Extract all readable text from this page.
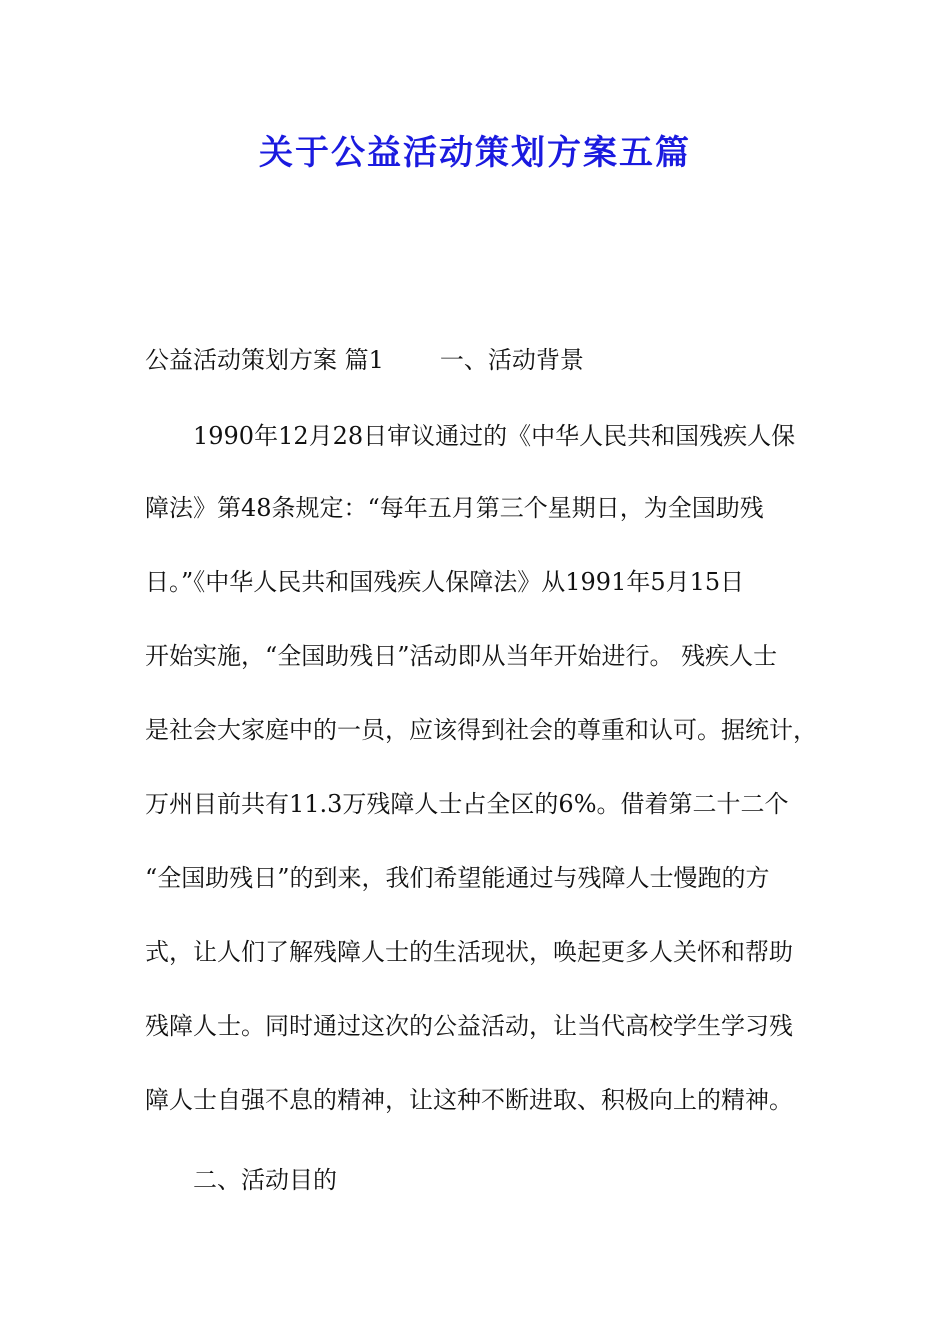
关于公益活动策划方案五篇

公益活动策划方案 篇1 一、活动背景

1990年12月28日审议通过的《中华人民共和国残疾人保

障法》第48条规定：“每年五月第三个星期日，为全国助残

日。”《中华人民共和国残疾人保障法》从1991年5月15日

开始实施，“全国助残日”活动即从当年开始进行。 残疾人士

是社会大家庭中的一员，应该得到社会的尊重和认可。据统计，

万州目前共有11.3万残障人士占全区的6%。借着第二十二个

“全国助残日”的到来，我们希望能通过与残障人士慢跑的方

式，让人们了解残障人士的生活现状，唤起更多人关怀和帮助

残障人士。同时通过这次的公益活动，让当代高校学生学习残

障人士自强不息的精神，让这种不断进取、积极向上的精神。

二、活动目的
